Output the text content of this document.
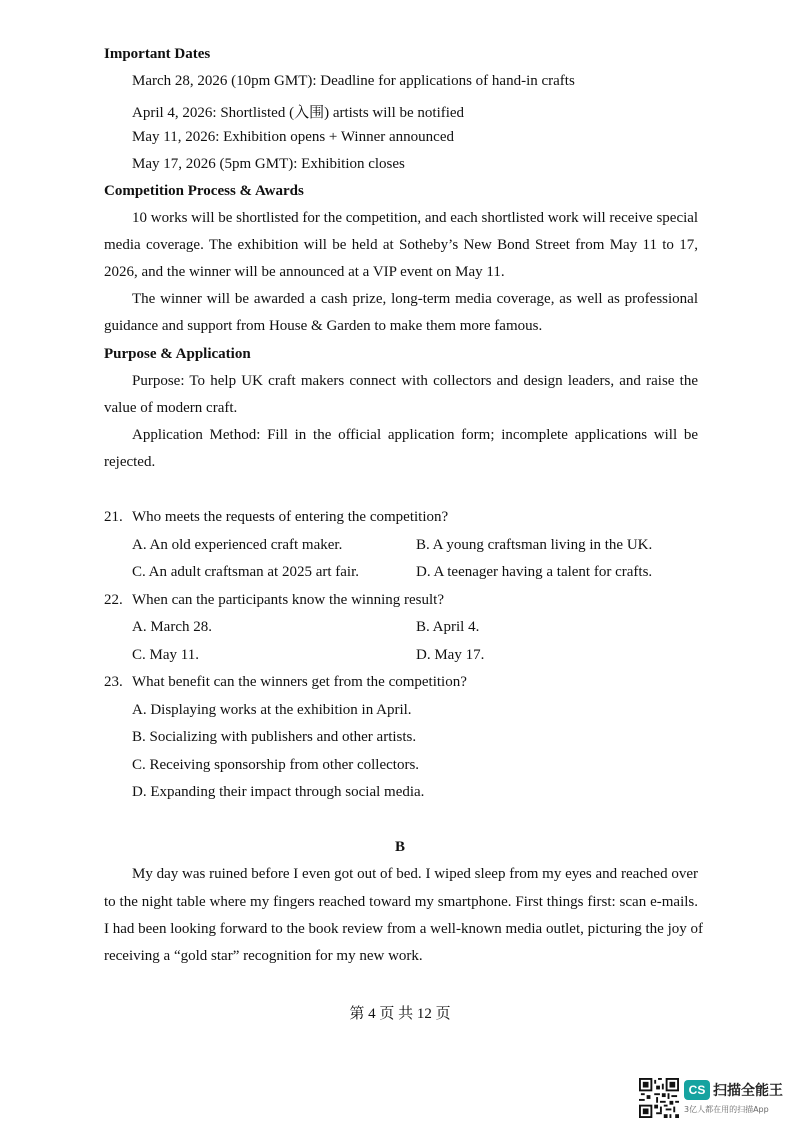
Important Dates
March 28, 2026 (10pm GMT): Deadline for applications of hand-in crafts
April 4, 2026: Shortlisted (入围) artists will be notified
May 11, 2026: Exhibition opens + Winner announced
May 17, 2026 (5pm GMT): Exhibition closes
Competition Process & Awards
10 works will be shortlisted for the competition, and each shortlisted work will receive special
media coverage. The exhibition will be held at Sotheby’s New Bond Street from May 11 to 17,
2026, and the winner will be announced at a VIP event on May 11.
The winner will be awarded a cash prize, long-term media coverage, as well as professional
guidance and support from House & Garden to make them more famous.
Purpose & Application
Purpose: To help UK craft makers connect with collectors and design leaders, and raise the
value of modern craft.
Application Method: Fill in the official application form; incomplete applications will be
rejected.
21. Who meets the requests of entering the competition?
A. An old experienced craft maker.	B. A young craftsman living in the UK.
C. An adult craftsman at 2025 art fair.	D. A teenager having a talent for crafts.
22. When can the participants know the winning result?
A. March 28.	B. April 4.
C. May 11.	D. May 17.
23. What benefit can the winners get from the competition?
A. Displaying works at the exhibition in April.
B. Socializing with publishers and other artists.
C. Receiving sponsorship from other collectors.
D. Expanding their impact through social media.
B
My day was ruined before I even got out of bed. I wiped sleep from my eyes and reached over
to the night table where my fingers reached toward my smartphone. First things first: scan e-mails.
I had been looking forward to the book review from a well-known media outlet, picturing the joy of
receiving a “gold star” recognition for my new work.
第 4 页 共 12 页
CS 扫描全能王
3亿人都在用的扫描App
